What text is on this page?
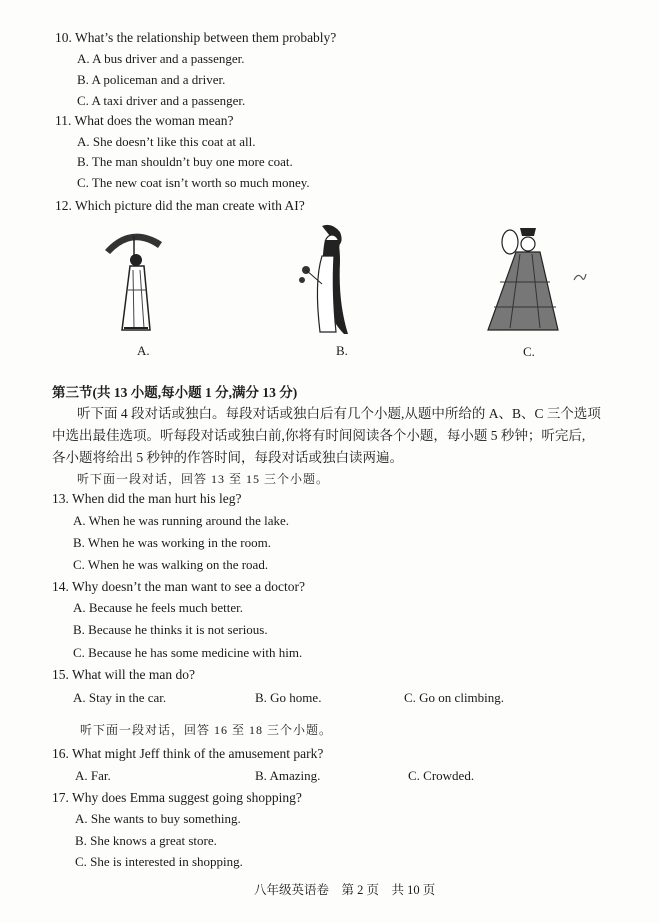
10. What’s the relationship between them probably?
A. A bus driver and a passenger.
B. A policeman and a driver.
C. A taxi driver and a passenger.
11. What does the woman mean?
A. She doesn’t like this coat at all.
B. The man shouldn’t buy one more coat.
C. The new coat isn’t worth so much money.
12. Which picture did the man create with AI?
A.	B.	C.
第三节(共 13 小题,每小题 1 分,满分 13 分)
听下面 4 段对话或独白。每段对话或独白后有几个小题,从题中所给的 A、B、C 三个选项
中选出最佳选项。听每段对话或独白前,你将有时间阅读各个小题，每小题 5 秒钟；听完后,
各小题将给出 5 秒钟的作答时间，每段对话或独白读两遍。
听下面一段对话，回答 13 至 15 三个小题。
13. When did the man hurt his leg?
A. When he was running around the lake.
B. When he was working in the room.
C. When he was walking on the road.
14. Why doesn’t the man want to see a doctor?
A. Because he feels much better.
B. Because he thinks it is not serious.
C. Because he has some medicine with him.
15. What will the man do?
A. Stay in the car.	B. Go home.	C. Go on climbing.
听下面一段对话，回答 16 至 18 三个小题。
16. What might Jeff think of the amusement park?
A. Far.	B. Amazing.	C. Crowded.
17. Why does Emma suggest going shopping?
A. She wants to buy something.
B. She knows a great store.
C. She is interested in shopping.
八年级英语卷　第 2 页　共 10 页
